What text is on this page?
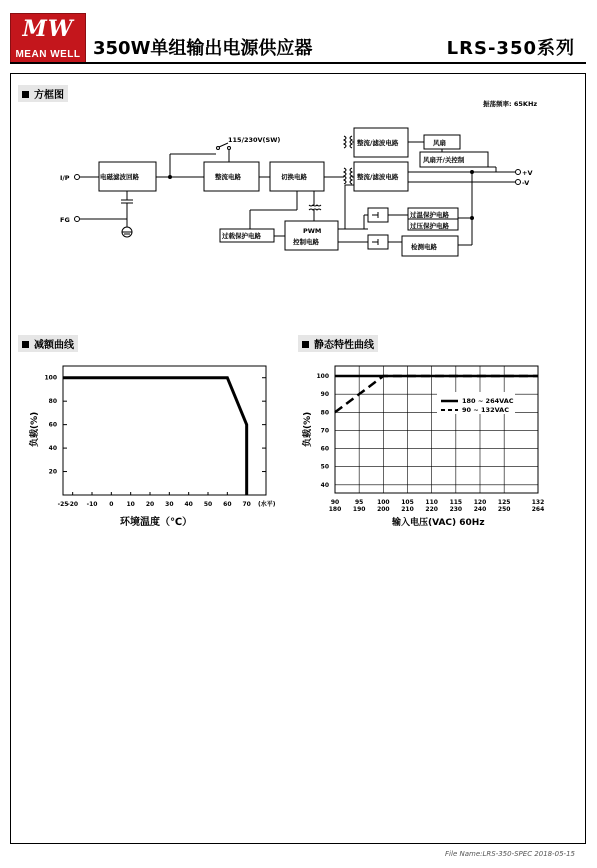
MW
MEAN WELL 350W单组输出电源供应器	LRS-350系列
方框图
电磁滤波回路	整流电路	切换电路
整流/滤波电路
整流/滤波电路
风扇
风扇开/关控制
过温保护电路
过压保护电路
检测电路
过载保护电路
PWM
控制电路
115/230V(SW)
I/P
FG
+V
-V
振荡频率: 65KHz
减额曲线	静态特性曲线
100
80
60
40
20
-25
-20 -10 0 10 20 30 40 50 60 70 (水平)
环境温度（℃）
负载(%)
100
90
80
70
60
50
40
90
180
95
190
100
200
105
210
110
220
115
230
120
240
125
250
132
264
180 ~ 264VAC
90 ~ 132VAC
输入电压(VAC) 60Hz
负载(%)
File Name:LRS-350-SPEC 2018-05-15
